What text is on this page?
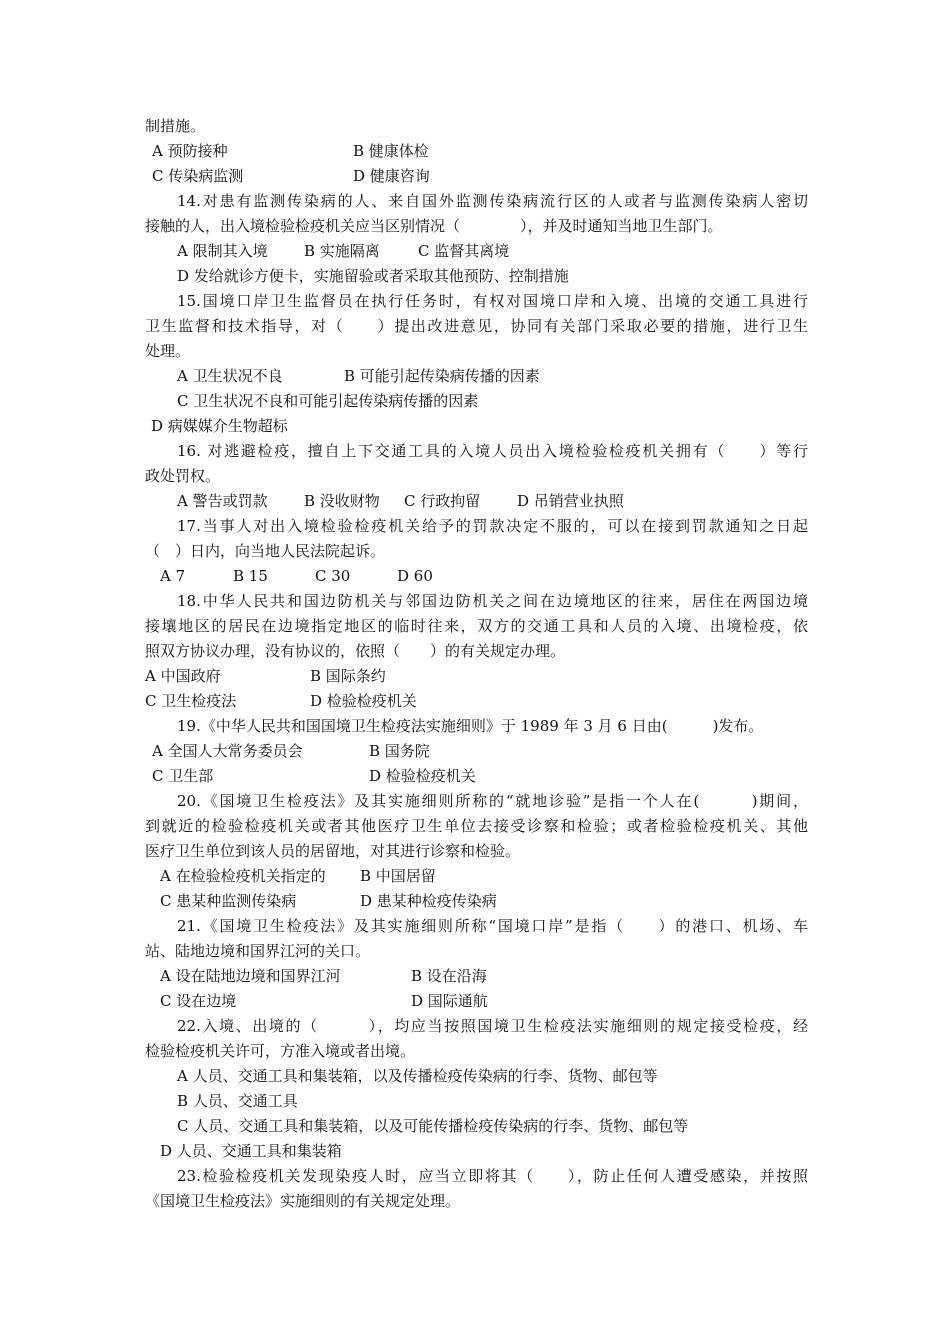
制措施。
A 预防接种	B 健康体检
C 传染病监测	D 健康咨询
14.对患有监测传染病的人、来自国外监测传染病流行区的人或者与监测传染病人密切
接触的人，出入境检验检疫机关应当区别情况（　　　　），并及时通知当地卫生部门。
A 限制其入境 B 实施隔离	C 监督其离境
D 发给就诊方便卡，实施留验或者采取其他预防、控制措施
15.国境口岸卫生监督员在执行任务时，有权对国境口岸和入境、出境的交通工具进行
卫生监督和技术指导，对（　　）提出改进意见，协同有关部门采取必要的措施，进行卫生
处理。
A 卫生状况不良	B 可能引起传染病传播的因素
C 卫生状况不良和可能引起传染病传播的因素
D 病媒媒介生物超标
16. 对逃避检疫，擅自上下交通工具的入境人员出入境检验检疫机关拥有（　　）等行
政处罚权。
A 警告或罚款 B 没收财物 C 行政拘留 D 吊销营业执照
17.当事人对出入境检验检疫机关给予的罚款决定不服的，可以在接到罚款通知之日起
（　）日内，向当地人民法院起诉。
A 7	B 15	C 30	D 60
18.中华人民共和国边防机关与邻国边防机关之间在边境地区的往来，居住在两国边境
接壤地区的居民在边境指定地区的临时往来，双方的交通工具和人员的入境、出境检疫，依
照双方协议办理，没有协议的，依照（　　）的有关规定办理。
A 中国政府	B 国际条约
C 卫生检疫法	D 检验检疫机关
19.《中华人民共和国国境卫生检疫法实施细则》于 1989 年 3 月 6 日由(　　　)发布。
A 全国人大常务委员会	B 国务院
C 卫生部	D 检验检疫机关
20.《国境卫生检疫法》及其实施细则所称的“就地诊验”是指一个人在(　　　)期间，
到就近的检验检疫机关或者其他医疗卫生单位去接受诊察和检验；或者检验检疫机关、其他
医疗卫生单位到该人员的居留地，对其进行诊察和检验。
A 在检验检疫机关指定的 B 中国居留
C 患某种监测传染病	D 患某种检疫传染病
21.《国境卫生检疫法》及其实施细则所称“国境口岸”是指（　　）的港口、机场、车
站、陆地边境和国界江河的关口。
A 设在陆地边境和国界江河	B 设在沿海
C 设在边境	D 国际通航
22.入境、出境的（　　　），均应当按照国境卫生检疫法实施细则的规定接受检疫，经
检验检疫机关许可，方准入境或者出境。
A 人员、交通工具和集装箱，以及传播检疫传染病的行李、货物、邮包等
B 人员、交通工具
C 人员、交通工具和集装箱，以及可能传播检疫传染病的行李、货物、邮包等
D 人员、交通工具和集装箱
23.检验检疫机关发现染疫人时，应当立即将其（　　），防止任何人遭受感染，并按照
《国境卫生检疫法》实施细则的有关规定处理。
